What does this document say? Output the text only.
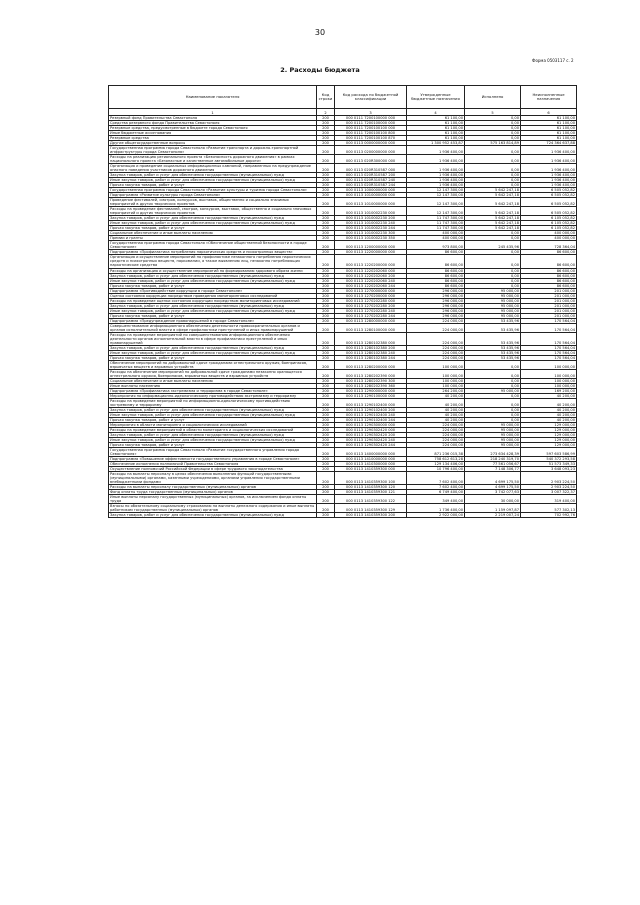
30
Форма 0503117 с. 2
2. Расходы бюджета
Наименование показателя	Код строки	Код расхода по бюджетной классификации	Утвержденные бюджетные назначения	Исполнено	Неисполненные назначения
1	2	3	4	5	6
Резервный фонд Правительства Севастополя	200	000 0111 7200100000 000	61 100,00	0,00	61 100,00
Средства резервного фонда Правительства Севастополя	200	000 0111 7200100000 000	61 100,00	0,00	61 100,00
Резервные средства, предусмотренные в бюджете города Севастополя	200	000 0111 7200100100 000	61 100,00	0,00	61 100,00
Иные бюджетные ассигнования	200	000 0111 7200100100 800	61 100,00	0,00	61 100,00
Резервные средства	200	000 0111 7200100100 870	61 100,00	0,00	61 100,00
Другие общегосударственные вопросы	200	000 0113 0000000000 000	1 300 952 453,87	575 163 814,89	724 364 637,88
Государственная программа города Севастополя «Развитие транспорта и дорожно-транспортной инфраструктуры города Севастополя»	200	000 0113 0200000000 000	1 936 400,00	0,00	1 936 400,00
Расходы на реализацию регионального проекта «Безопасность дорожного движения» в рамках национального проекта «Безопасные и качественные автомобильные дороги»	200	000 0113 020R300000 000	1 936 400,00	0,00	1 936 400,00
Организация и проведение социальных информационных кампаний, направленных на предупреждение опасного поведения участников дорожного движения	200	000 0113 020R310587 000	1 936 400,00	0,00	1 936 400,00
Закупка товаров, работ и услуг для обеспечения государственных (муниципальных) нужд	200	000 0113 020R310587 200	1 936 400,00	0,00	1 936 400,00
Иные закупки товаров, работ и услуг для обеспечения государственных (муниципальных) нужд	200	000 0113 020R310587 240	1 936 400,00	0,00	1 936 400,00
Прочая закупка товаров, работ и услуг	200	000 0113 020R310587 244	1 936 400,00	0,00	1 936 400,00
Государственная программа города Севастополя «Развитие культуры и туризма города Севастополя»	200	000 0113 1000000000 000	12 147 300,00	5 642 247,18	6 505 052,82
Подпрограмма «Развитие культуры города Севастополя»	200	000 0113 1010000000 000	12 147 300,00	5 642 247,18	6 505 052,82
Проведение фестивалей, смотров, конкурсов, выставок, общественно и социально значимых мероприятий в других творческих проектов	200	000 0113 1010000000 000	12 147 300,00	5 642 247,18	6 505 052,82
Расходы на проведение фестивалей, смотров, конкурсов, выставок, общественно и социально значимых мероприятий и других творческих проектов	200	000 0113 1010002230 000	12 147 300,00	5 642 247,18	6 505 052,82
Закупка товаров, работ и услуг для обеспечения государственных (муниципальных) нужд	200	000 0113 1010002230 200	11 747 300,00	5 642 247,18	6 105 052,82
Иные закупки товаров, работ и услуг для обеспечения государственных (муниципальных) нужд	200	000 0113 1010002230 240	11 747 300,00	5 642 247,18	6 105 052,82
Прочая закупка товаров, работ и услуг	200	000 0113 1010002230 244	11 747 300,00	5 642 247,18	6 105 052,82
Социальное обеспечение и иные выплаты населению	200	000 0113 1010002230 300	400 000,00	0,00	400 000,00
Премии и гранты	200	000 0113 1010002230 350	400 000,00	0,00	400 000,00
Государственная программа города Севастополя «Обеспечение общественной безопасности в городе Севастополе»	200	000 0113 1200000000 000	973 800,00	245 435,96	728 364,04
Подпрограмма «Профилактика потребления наркотических средств и психотропных веществ»	200	000 0113 1220000000 000	86 600,00	0,00	86 600,00
Организация и осуществление мероприятий по профилактике незаконного потребления наркотических средств и психотропных веществ, наркомании, а также выявлению лиц, незаконно потребляющих наркотические средства	200	000 0113 1220200000 000	86 600,00	0,00	86 600,00
Расходы на организацию и осуществление мероприятий по формированию здорового образа жизни	200	000 0113 1220202060 000	86 600,00	0,00	86 600,00
Закупка товаров, работ и услуг для обеспечения государственных (муниципальных) нужд	200	000 0113 1220202060 200	86 600,00	0,00	86 600,00
Иные закупки товаров, работ и услуг для обеспечения государственных (муниципальных) нужд	200	000 0113 1220202060 240	86 600,00	0,00	86 600,00
Прочая закупка товаров, работ и услуг	200	000 0113 1220202060 244	86 600,00	0,00	86 600,00
Подпрограмма «Противодействие коррупции в городе Севастополе»	200	000 0113 1270000000 000	296 000,00	95 000,00	201 000,00
Оценка состояния коррупции посредством проведения мониторинговых исследований	200	000 0113 1270200000 000	296 000,00	95 000,00	201 000,00
Расходы на проведение оценки состояния коррупции посредством мониторинговых исследований	200	000 0113 1270202280 000	296 000,00	95 000,00	201 000,00
Закупка товаров, работ и услуг для обеспечения государственных (муниципальных) нужд	200	000 0113 1270202280 200	296 000,00	95 000,00	201 000,00
Иные закупки товаров, работ и услуг для обеспечения государственных (муниципальных) нужд	200	000 0113 1270202280 240	296 000,00	95 000,00	201 000,00
Прочая закупка товаров, работ и услуг	200	000 0113 1270202280 244	296 000,00	95 000,00	201 000,00
Подпрограмма «Предупреждение правонарушений в городе Севастополе»	200	000 0113 1280000000 000	224 000,00	53 435,96	170 564,04
Совершенствование информационного обеспечения деятельности правоохранительных органов и органов исполнительной власти в сфере профилактики преступлений и иных правонарушений	200	000 0113 1280100000 000	224 000,00	53 435,96	170 564,04
Расходы на проведение мероприятий по совершенствованию информационного обеспечения деятельности органов исполнительной власти в сфере профилактики преступлений и иных правонарушений	200	000 0113 1280102380 000	224 000,00	53 435,96	170 564,04
Закупка товаров, работ и услуг для обеспечения государственных (муниципальных) нужд	200	000 0113 1280102380 200	224 000,00	53 435,96	170 564,04
Иные закупки товаров, работ и услуг для обеспечения государственных (муниципальных) нужд	200	000 0113 1280102380 240	224 000,00	53 435,96	170 564,04
Прочая закупка товаров, работ и услуг	200	000 0113 1280102380 244	224 000,00	53 435,96	170 564,04
Обеспечение мероприятий по добровольной сдаче гражданами огнестрельного оружия, боеприпасов, взрывчатых веществ и взрывных устройств	200	000 0113 1280200000 000	100 000,00	0,00	100 000,00
Расходы на обеспечение мероприятий по добровольной сдаче гражданами незаконно хранящегося огнестрельного оружия, боеприпасов, взрывчатых веществ и взрывных устройств	200	000 0113 1280202390 000	100 000,00	0,00	100 000,00
Социальное обеспечение и иные выплаты населению	200	000 0113 1280202390 300	100 000,00	0,00	100 000,00
Иные выплаты населению	200	000 0113 1280202390 360	100 000,00	0,00	100 000,00
Подпрограмма «Профилактика экстремизма и терроризма в городе Севастополе»	200	000 0113 1290000000 000	264 200,00	95 000,00	169 200,00
Мероприятия по информационно-идеологическому противодействию экстремизму и терроризму	200	000 0113 1290100000 000	40 200,00	0,00	40 200,00
Расходы на проведение мероприятий по информационно-идеологическому противодействию экстремизму и терроризму	200	000 0113 1290102400 000	40 200,00	0,00	40 200,00
Закупка товаров, работ и услуг для обеспечения государственных (муниципальных) нужд	200	000 0113 1290102400 200	40 200,00	0,00	40 200,00
Иные закупки товаров, работ и услуг для обеспечения государственных (муниципальных) нужд	200	000 0113 1290102400 240	40 200,00	0,00	40 200,00
Прочая закупка товаров, работ и услуг	200	000 0113 1290102400 244	40 200,00	0,00	40 200,00
Мероприятия в области мониторинга и социологических исследований	200	000 0113 1290300000 000	224 000,00	95 000,00	129 000,00
Расходы на проведение мероприятий в области мониторинга и социологических исследований	200	000 0113 1290302420 000	224 000,00	95 000,00	129 000,00
Закупка товаров, работ и услуг для обеспечения государственных (муниципальных) нужд	200	000 0113 1290302420 200	224 000,00	95 000,00	129 000,00
Иные закупки товаров, работ и услуг для обеспечения государственных (муниципальных) нужд	200	000 0113 1290302420 240	224 000,00	95 000,00	129 000,00
Прочая закупка товаров, работ и услуг	200	000 0113 1290302420 244	224 000,00	95 000,00	129 000,00
Государственная программа города Севастополя «Развитие государственного управления города Севастополя»	200	000 0113 1400000000 000	871 236 015,38	273 634 428,39	597 603 586,99
Подпрограмма «Повышение эффективности государственного управления в городе Севастополе»	200	000 0113 1410000000 000	758 612 613,28	218 240 319,70	540 372 293,58
Обеспечение исполнения полномочий Правительства Севастополя	200	000 0113 1410300000 000	129 134 406,00	77 561 056,67	51 573 349,33
Осуществление полномочий Российской Федерации в сфере трудового законодательства	200	000 0113 1410359300 000	10 796 400,00	7 148 306,77	3 648 093,23
Расходы на выплаты персоналу в целях обеспечения выполнения функций государственными (муниципальными) органами, казенными учреждениями, органами управления государственными внебюджетными фондами	200	000 0113 1410359300 100	7 602 400,00	4 699 175,50	2 903 224,50
Расходы на выплаты персоналу государственных (муниципальных) органов	200	000 0113 1410359300 120	7 602 400,00	4 699 175,50	2 903 224,50
Фонд оплаты труда государственных (муниципальных) органов	200	000 0113 1410359300 121	6 749 400,00	3 742 077,63	3 007 322,37
Иные выплаты персоналу государственных (муниципальных) органов, за исключением фонда оплаты труда	200	000 0113 1410359300 122	349 400,00	30 000,00	319 400,00
Взносы по обязательному социальному страхованию на выплаты денежного содержания и иные выплаты работникам государственных (муниципальных) органов	200	000 0113 1410359300 129	1 736 400,00	1 159 097,87	577 302,13
Закупка товаров, работ и услуг для обеспечения государственных (муниципальных) нужд	200	000 0113 1410359300 200	2 922 000,00	2 219 007,24	702 992,76
